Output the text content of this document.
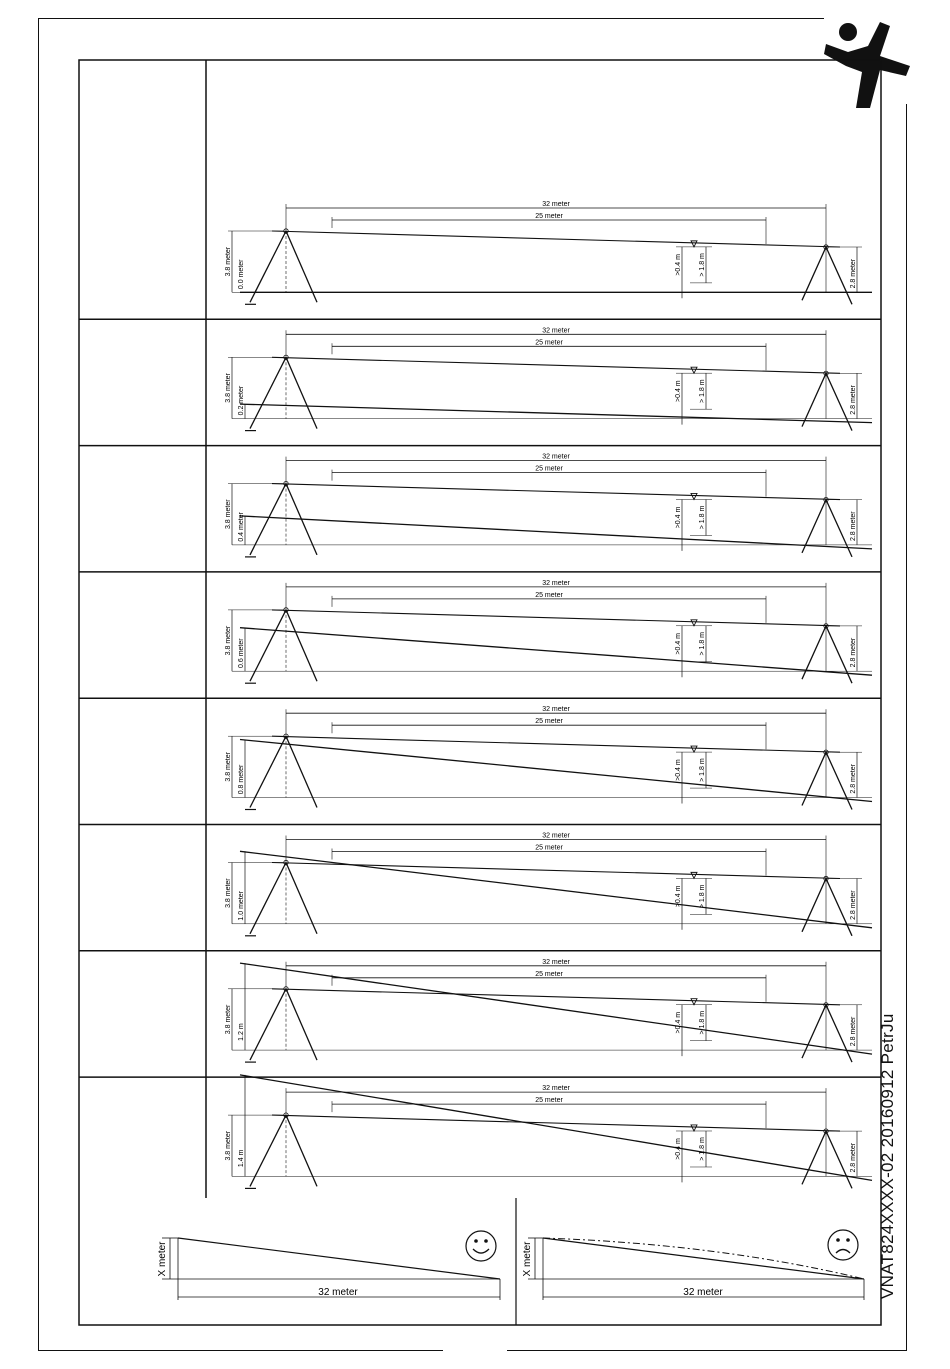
32 meter
25 meter
3.8 meter 0.0 meter	2.8 meter
>0.4 m > 1.8 m
32 meter
25 meter
3.8 meter 0.2 meter	2.8 meter
>0.4 m > 1.8 m
32 meter
25 meter
3.8 meter 0.4 meter	2.8 meter
>0.4 m > 1.8 m
32 meter
25 meter
3.8 meter 0.6 meter	2.8 meter
>0.4 m > 1.8 m
32 meter
25 meter
3.8 meter 0.8 meter	2.8 meter
>0.4 m > 1.8 m
32 meter
25 meter
3.8 meter 1.0 meter	2.8 meter
>0.4 m > 1.8 m
32 meter
25 meter
3.8 meter 1.2 m	2.8 meter
>0.4 m > 1.8 m
32 meter
25 meter
3.8 meter 1.4 m	2.8 meter
>0.4 m > 1.8 m
X meter
32 meter
X meter
32 meter	VNAT824XXXX-02 20160912 PetrJu
